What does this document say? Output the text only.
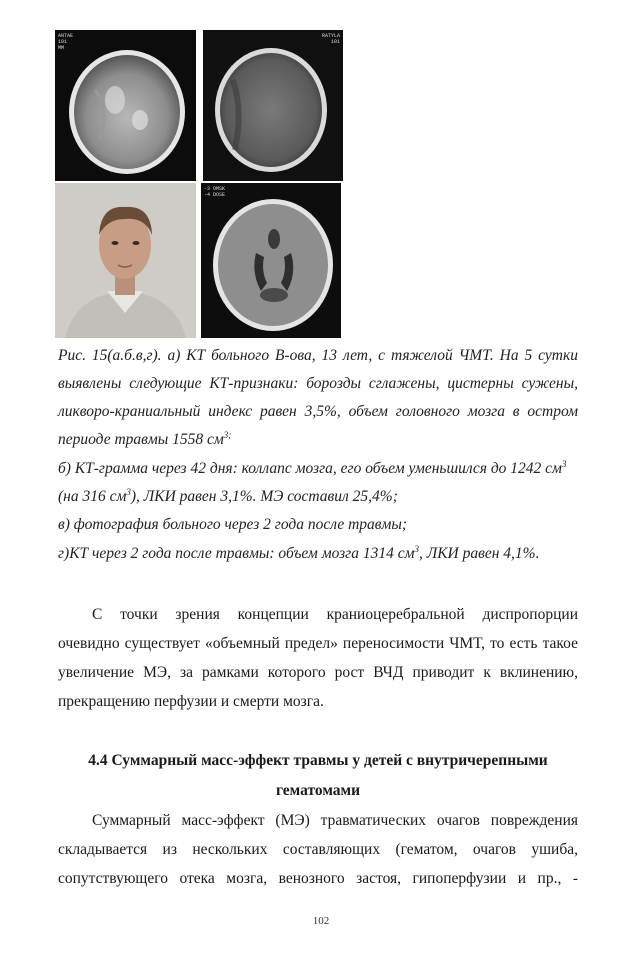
ANTAE
101
MM
RATYLA
101
-3 OMSK
-4 DOSE
Рис. 15(а.б.в,г). а) КТ больного В-ова, 13 лет, с тяжелой ЧМТ. На 5 сутки
выявлены следующие КТ-признаки: борозды сглажены, цистерны сужены,
ликворо-краниальный индекс равен 3,5%, объем головного мозга в остром
периоде травмы 1558 $см^{3;}$
б) КТ-грамма через 42 дня: коллапс мозга, его объем уменьшился до 1242 $см^3$
(на 316 $см^3$), ЛКИ равен 3,1%. МЭ составил 25,4%;
в) фотография больного через 2 года после травмы;
г)КТ через 2 года после травмы: объем мозга 1314 $см^3$, ЛКИ равен 4,1%.
С точки зрения концепции краниоцеребральной диспропорции
очевидно существует «объемный предел» переносимости ЧМТ, то есть такое
увеличение МЭ, за рамками которого рост ВЧД приводит к вклинению,
прекращению перфузии и смерти мозга.
4.4 Суммарный масс-эффект травмы у детей с внутричерепными
гематомами
Суммарный масс-эффект (МЭ) травматических очагов повреждения
складывается из нескольких составляющих (гематом, очагов ушиба,
сопутствующего отека мозга, венозного застоя, гипоперфузии и пр., -
102
